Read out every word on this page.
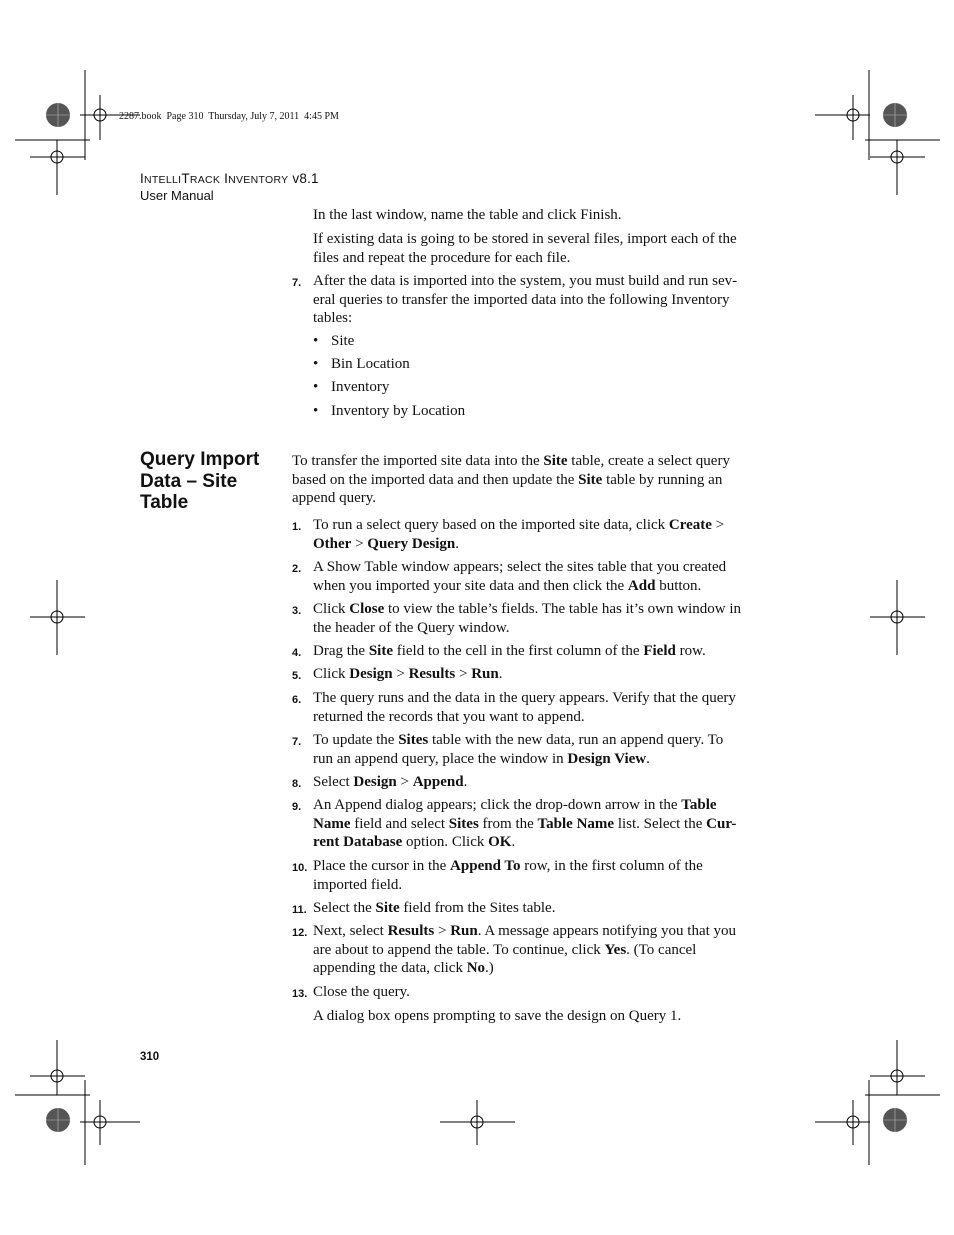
2287.book  Page 310  Thursday, July 7, 2011  4:45 PM
INTELLITRACK INVENTORY v8.1
User Manual
In the last window, name the table and click Finish.
If existing data is going to be stored in several files, import each of the
files and repeat the procedure for each file.
7. After the data is imported into the system, you must build and run sev-
eral queries to transfer the imported data into the following Inventory
tables:
• Site
• Bin Location
• Inventory
• Inventory by Location
Query Import
Data – Site
Table
To transfer the imported site data into the Site table, create a select query
based on the imported data and then update the Site table by running an
append query.
1. To run a select query based on the imported site data, click Create >
Other > Query Design.
2. A Show Table window appears; select the sites table that you created
when you imported your site data and then click the Add button.
3. Click Close to view the table’s fields. The table has it’s own window in
the header of the Query window.
4. Drag the Site field to the cell in the first column of the Field row.
5. Click Design > Results > Run.
6. The query runs and the data in the query appears. Verify that the query
returned the records that you want to append.
7. To update the Sites table with the new data, run an append query. To
run an append query, place the window in Design View.
8. Select Design > Append.
9. An Append dialog appears; click the drop-down arrow in the Table
Name field and select Sites from the Table Name list. Select the Cur-
rent Database option. Click OK.
10. Place the cursor in the Append To row, in the first column of the
imported field.
11. Select the Site field from the Sites table.
12. Next, select Results > Run. A message appears notifying you that you
are about to append the table. To continue, click Yes. (To cancel
appending the data, click No.)
13. Close the query.
A dialog box opens prompting to save the design on Query 1.
310
